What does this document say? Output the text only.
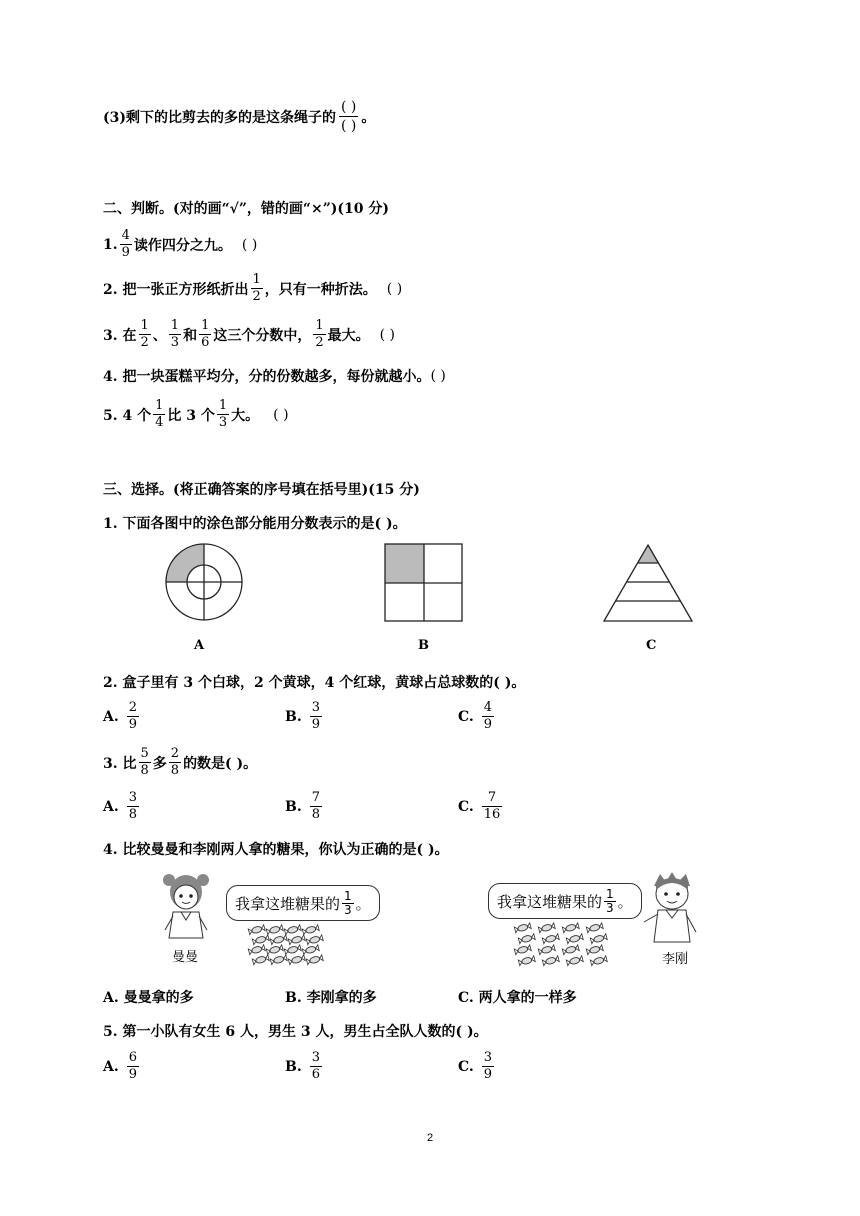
(3)剩下的比剪去的多的是这条绳子的 $\frac{( )}{( )}$ 。
二、判断。(对的画“√”，错的画“×”)(10 分)
1. $\frac{4}{9}$ 读作四分之九。 ( )
2. 把一张正方形纸折出 $\frac{1}{2}$ ，只有一种折法。 ( )
3. 在 $\frac{1}{2}$ 、 $\frac{1}{3}$ 和 $\frac{1}{6}$ 这三个分数中， $\frac{1}{2}$ 最大。 ( )
4. 把一块蛋糕平均分，分的份数越多，每份就越小。 ( )
5. 4 个 $\frac{1}{4}$ 比 3 个 $\frac{1}{3}$ 大。 ( )
三、选择。(将正确答案的序号填在括号里)(15 分)
1. 下面各图中的涂色部分能用分数表示的是( )。
A	B	C
2. 盒子里有 3 个白球，2 个黄球，4 个红球，黄球占总球数的( )。
A. $\frac{2}{9}$	B. $\frac{3}{9}$	C. $\frac{4}{9}$
3. 比 $\frac{5}{8}$ 多 $\frac{2}{8}$ 的数是( )。
A. $\frac{3}{8}$	B. $\frac{7}{8}$	C. $\frac{7}{16}$
4. 比较曼曼和李刚两人拿的糖果，你认为正确的是( )。
曼曼
我拿这堆糖果的 $\frac{1}{3}$ 。
李刚
我拿这堆糖果的 $\frac{1}{3}$ 。
A. 曼曼拿的多	B. 李刚拿的多	C. 两人拿的一样多
5. 第一小队有女生 6 人，男生 3 人，男生占全队人数的( )。
A. $\frac{6}{9}$	B. $\frac{3}{6}$	C. $\frac{3}{9}$
2
